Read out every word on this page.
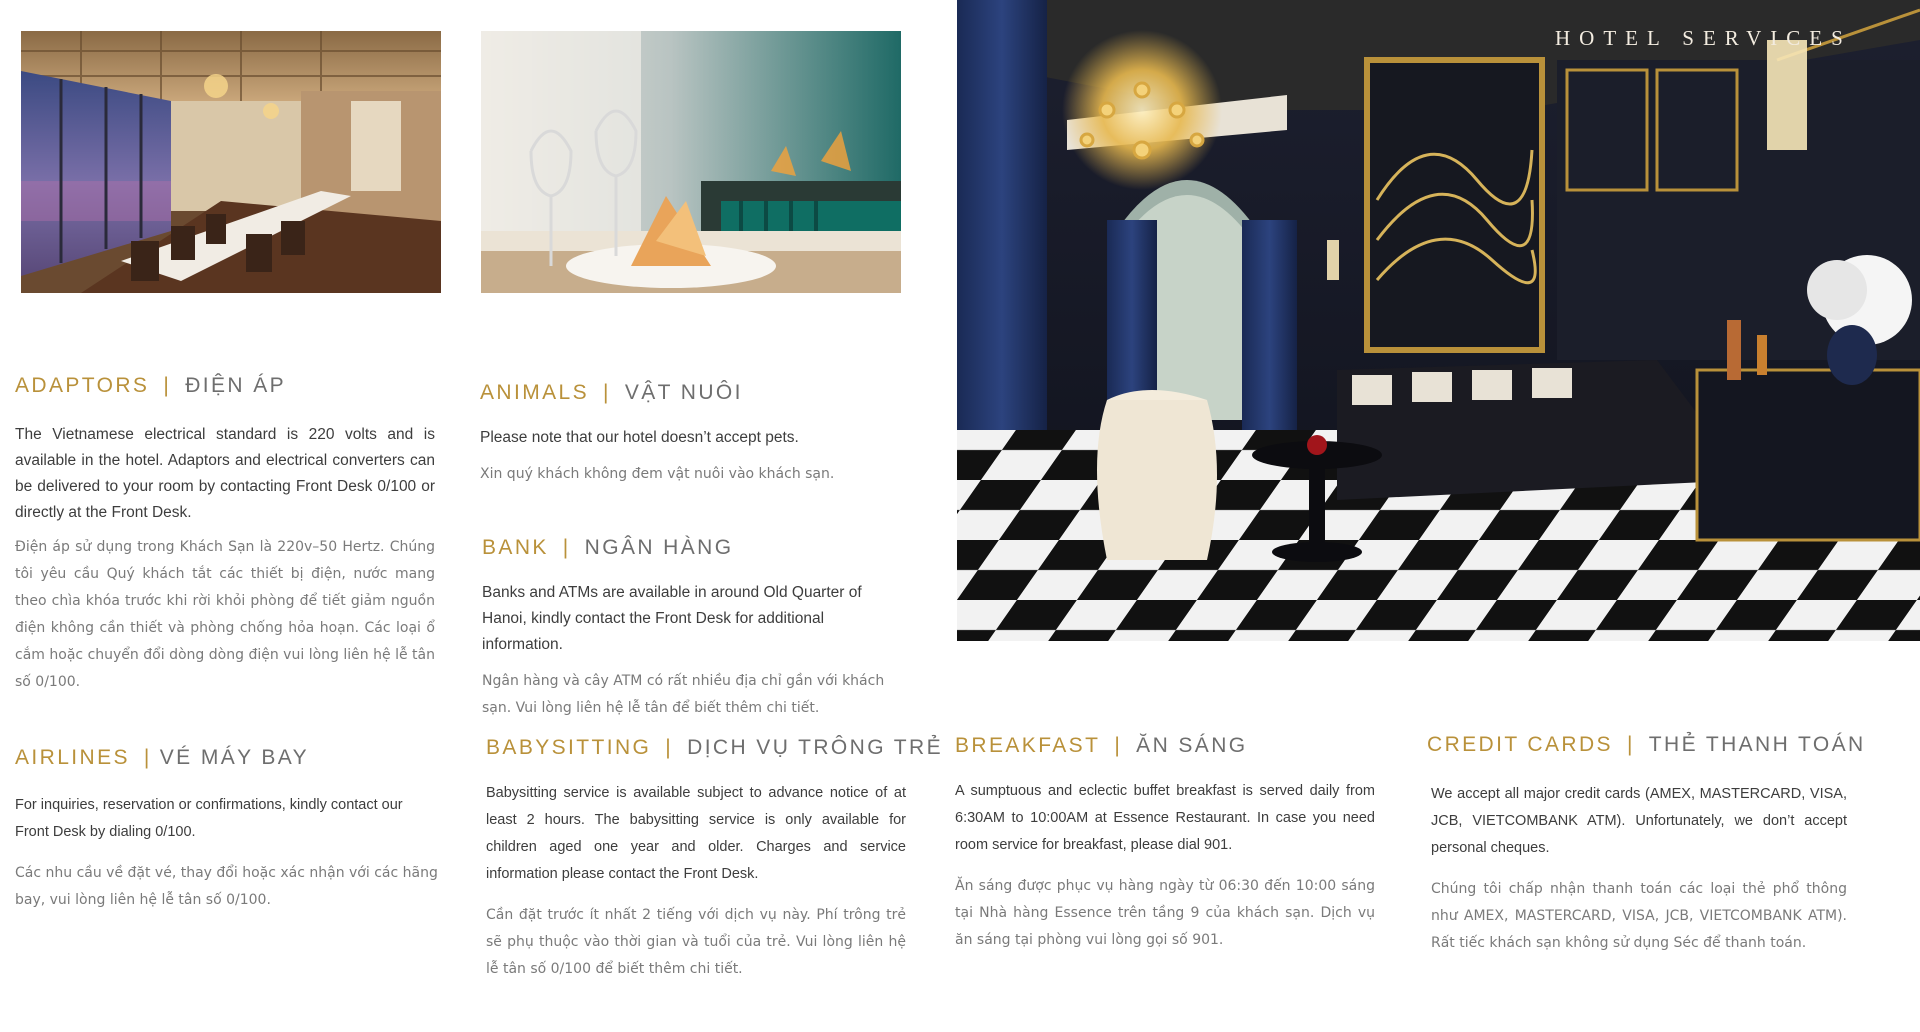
HOTEL SERVICES
ADAPTORS | ĐIỆN ÁP
The Vietnamese electrical standard is 220 volts and is available in the hotel. Adaptors and electrical converters can be delivered to your room by contacting Front Desk 0/100 or directly at the Front Desk.
Điện áp sử dụng trong Khách Sạn là 220v–50 Hertz. Chúng tôi yêu cầu Quý khách tắt các thiết bị điện, nước mang theo chìa khóa trước khi rời khỏi phòng để tiết giảm nguồn điện không cần thiết và phòng chống hỏa hoạn. Các loại ổ cắm hoặc chuyển đổi dòng dòng điện vui lòng liên hệ lễ tân số 0/100.
ANIMALS | VẬT NUÔI
Please note that our hotel doesn’t accept pets.
Xin quý khách không đem vật nuôi vào khách sạn.
BANK | NGÂN HÀNG
Banks and ATMs are available in around Old Quarter of Hanoi, kindly contact the Front Desk for additional information.
Ngân hàng và cây ATM có rất nhiều địa chỉ gần với khách sạn. Vui lòng liên hệ lễ tân để biết thêm chi tiết.
AIRLINES | VÉ MÁY BAY
For inquiries, reservation or confirmations, kindly contact our Front Desk by dialing 0/100.
Các nhu cầu về đặt vé, thay đổi hoặc xác nhận với các hãng bay, vui lòng liên hệ lễ tân số 0/100.
BABYSITTING | DỊCH VỤ TRÔNG TRẺ
Babysitting service is available subject to advance notice of at least 2 hours. The babysitting service is only available for children aged one year and older. Charges and service information please contact the Front Desk.
Cần đặt trước ít nhất 2 tiếng với dịch vụ này. Phí trông trẻ sẽ phụ thuộc vào thời gian và tuổi của trẻ. Vui lòng liên hệ lễ tân số 0/100 để biết thêm chi tiết.
BREAKFAST | ĂN SÁNG
A sumptuous and eclectic buffet breakfast is served daily from 6:30AM to 10:00AM at Essence Restaurant. In case you need room service for breakfast, please dial 901.
Ăn sáng được phục vụ hàng ngày từ 06:30 đến 10:00 sáng tại Nhà hàng Essence trên tầng 9 của khách sạn. Dịch vụ ăn sáng tại phòng vui lòng gọi số 901.
CREDIT CARDS | THẺ THANH TOÁN
We accept all major credit cards (AMEX, MASTERCARD, VISA, JCB, VIETCOMBANK ATM). Unfortunately, we don’t accept personal cheques.
Chúng tôi chấp nhận thanh toán các loại thẻ phổ thông như AMEX, MASTERCARD, VISA, JCB, VIETCOMBANK ATM). Rất tiếc khách sạn không sử dụng Séc để thanh toán.
